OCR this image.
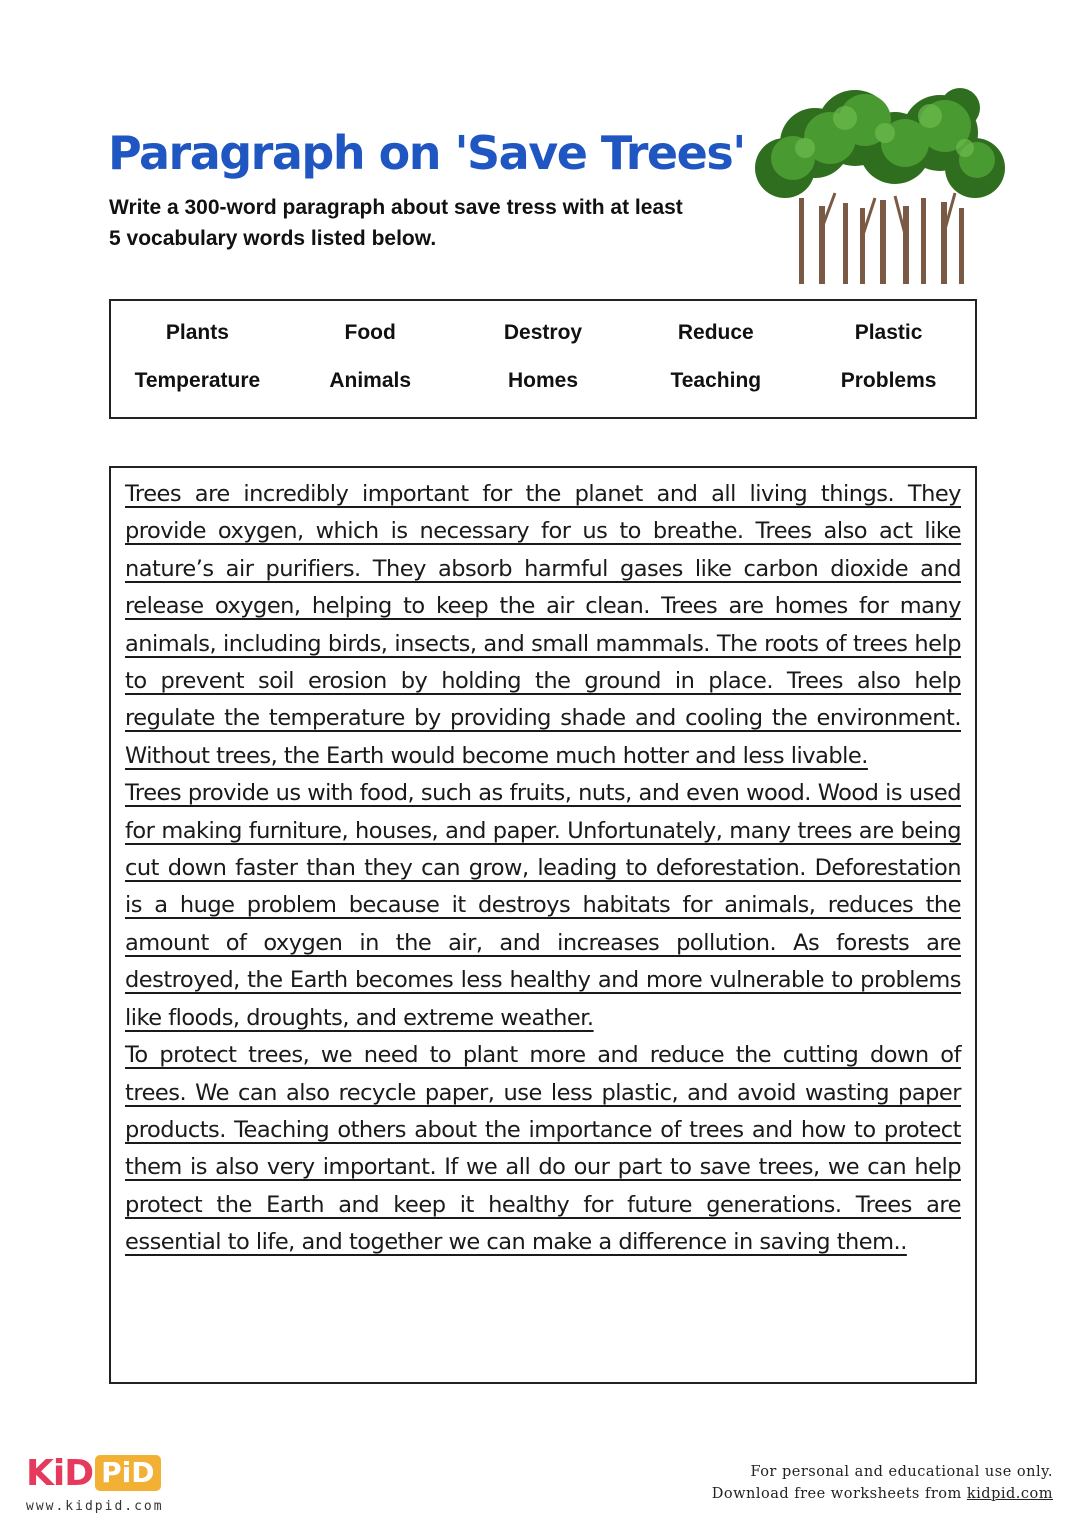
Paragraph on 'Save Trees'
Write a 300-word paragraph about save tress with at least
5 vocabulary words listed below.
Plants	Food	Destroy	Reduce	Plastic
Temperature	Animals	Homes	Teaching	Problems

Trees are incredibly important for the planet and all living things. They provide oxygen, which is necessary for us to breathe. Trees also act like nature’s air purifiers. They absorb harmful gases like carbon dioxide and release oxygen, helping to keep the air clean. Trees are homes for many animals, including birds, insects, and small mammals. The roots of trees help to prevent soil erosion by holding the ground in place. Trees also help regulate the temperature by providing shade and cooling the environment. Without trees, the Earth would become much hotter and less livable.

Trees provide us with food, such as fruits, nuts, and even wood. Wood is used for making furniture, houses, and paper. Unfortunately, many trees are being cut down faster than they can grow, leading to deforestation. Deforestation is a huge problem because it destroys habitats for animals, reduces the amount of oxygen in the air, and increases pollution. As forests are destroyed, the Earth becomes less healthy and more vulnerable to problems like floods, droughts, and extreme weather.

To protect trees, we need to plant more and reduce the cutting down of trees. We can also recycle paper, use less plastic, and avoid wasting paper products. Teaching others about the importance of trees and how to protect them is also very important. If we all do our part to save trees, we can help protect the Earth and keep it healthy for future generations. Trees are essential to life, and together we can make a difference in saving them..

KiD PiD
www.kidpid.com
For personal and educational use only.
Download free worksheets from kidpid.com
